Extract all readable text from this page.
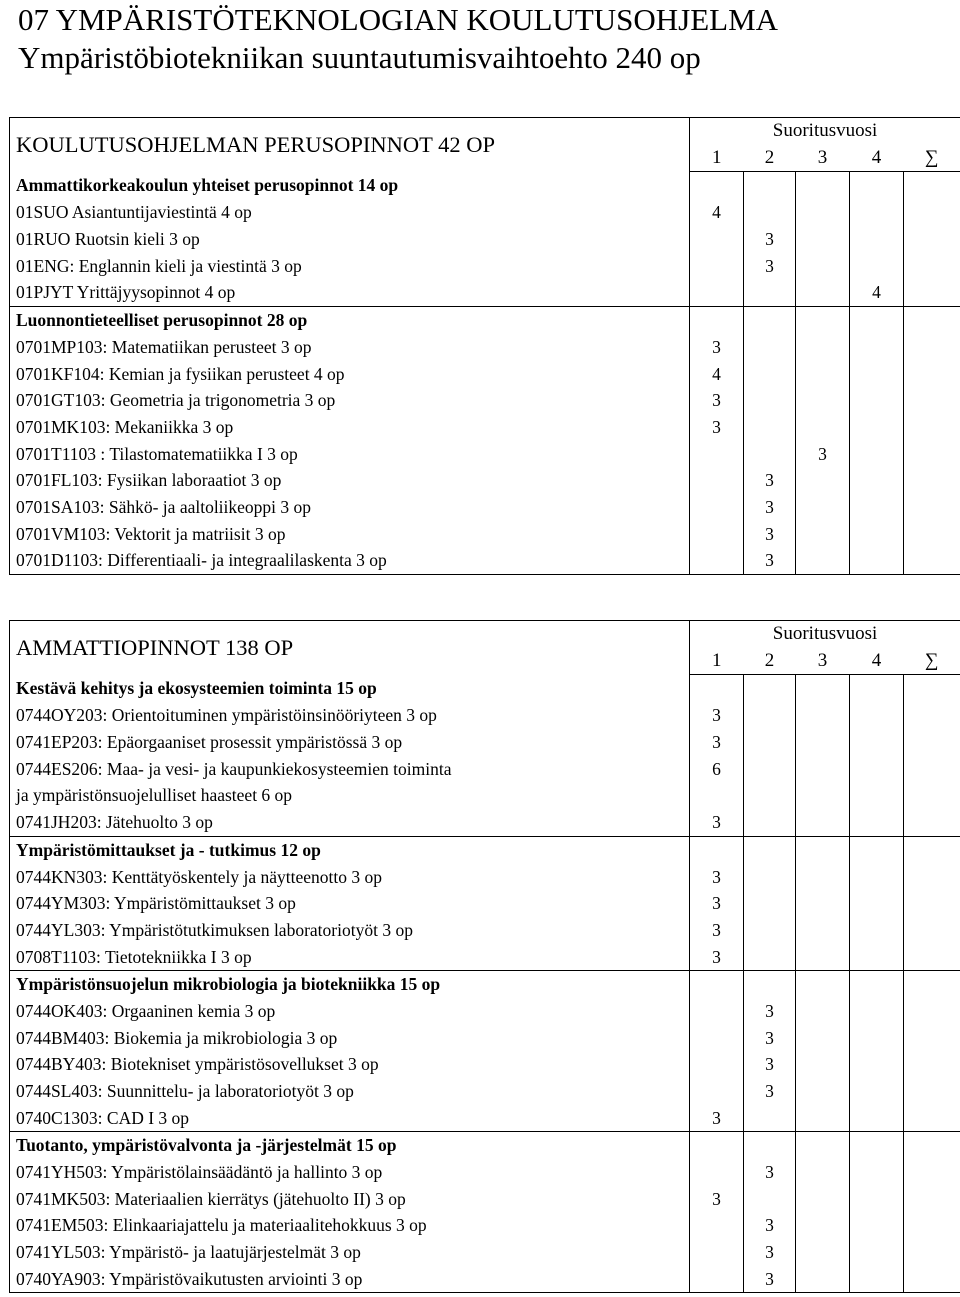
07 YMPÄRISTÖTEKNOLOGIAN KOULUTUSOHJELMA
Ympäristöbiotekniikan suuntautumisvaihtoehto 240 op
KOULUTUSOHJELMAN PERUSOPINNOT 42 OP	Suoritusvuosi				
	1	2	3	4	∑
Ammattikorkeakoulun yhteiset perusopinnot 14 op					
01SUO Asiantuntijaviestintä 4 op	4				
01RUO Ruotsin kieli 3 op		3			
01ENG: Englannin kieli ja viestintä 3 op		3			
01PJYT Yrittäjyysopinnot 4 op				4	
Luonnontieteelliset perusopinnot 28 op					
0701MP103: Matematiikan perusteet 3 op	3				
0701KF104: Kemian ja fysiikan perusteet 4 op	4				
0701GT103: Geometria ja trigonometria 3 op	3				
0701MK103: Mekaniikka 3 op	3				
0701T1103 : Tilastomatematiikka I 3 op			3		
0701FL103: Fysiikan laboraatiot 3 op		3			
0701SA103: Sähkö- ja aaltoliikeoppi 3 op		3			
0701VM103: Vektorit ja matriisit 3 op		3			
0701D1103: Differentiaali- ja integraalilaskenta 3 op		3			
AMMATTIOPINNOT 138 OP	Suoritusvuosi				
	1	2	3	4	∑
Kestävä kehitys ja ekosysteemien toiminta 15 op					
0744OY203: Orientoituminen ympäristöinsinööriyteen 3 op	3				
0741EP203: Epäorgaaniset prosessit ympäristössä 3 op	3				
0744ES206: Maa- ja vesi- ja kaupunkiekosysteemien toiminta	6				
ja ympäristönsuojelulliset haasteet 6 op					
0741JH203: Jätehuolto 3 op	3				
Ympäristömittaukset ja - tutkimus 12 op					
0744KN303: Kenttätyöskentely ja näytteenotto 3 op	3				
0744YM303: Ympäristömittaukset 3 op	3				
0744YL303: Ympäristötutkimuksen laboratoriotyöt 3 op	3				
0708T1103: Tietotekniikka I 3 op	3				
Ympäristönsuojelun mikrobiologia ja biotekniikka 15 op					
0744OK403: Orgaaninen kemia 3 op		3			
0744BM403: Biokemia ja mikrobiologia 3 op		3			
0744BY403: Biotekniset ympäristösovellukset 3 op		3			
0744SL403: Suunnittelu- ja laboratoriotyöt 3 op		3			
0740C1303: CAD I 3 op	3				
Tuotanto, ympäristövalvonta ja -järjestelmät 15 op					
0741YH503: Ympäristölainsäädäntö ja hallinto 3 op		3			
0741MK503: Materiaalien kierrätys (jätehuolto II) 3 op	3				
0741EM503: Elinkaariajattelu ja materiaalitehokkuus 3 op		3			
0741YL503: Ympäristö- ja laatujärjestelmät 3 op		3			
0740YA903: Ympäristövaikutusten arviointi 3 op		3			
